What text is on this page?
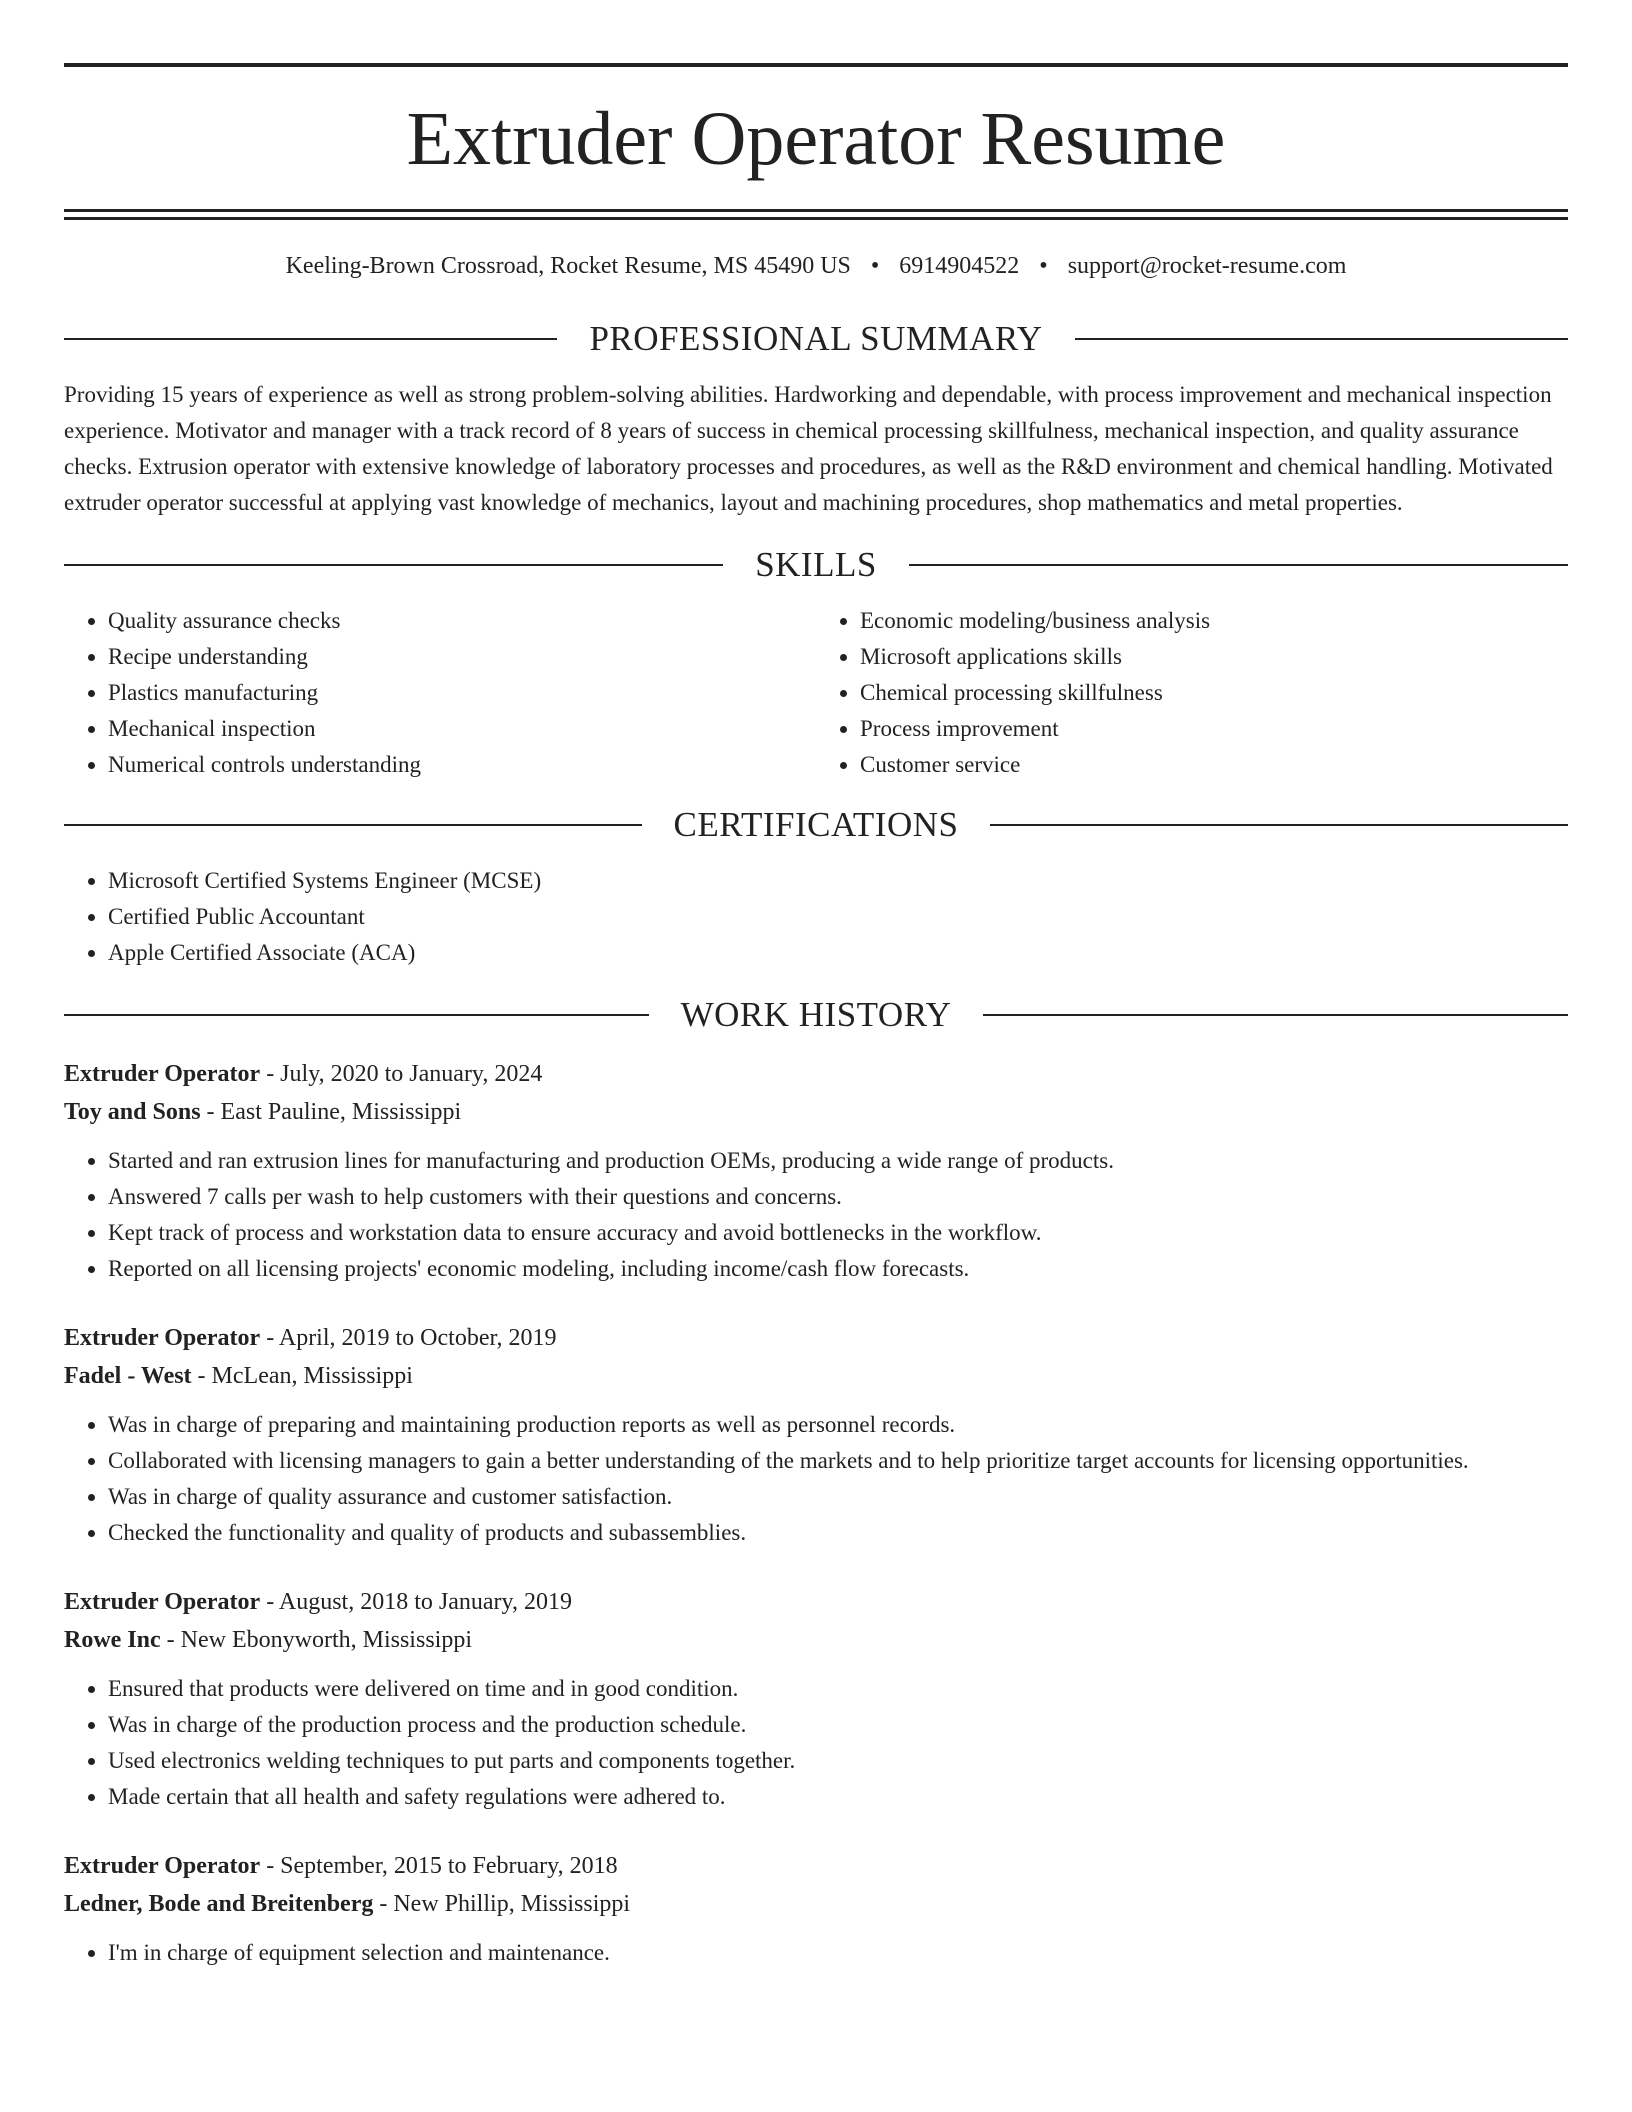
Extruder Operator Resume
Keeling-Brown Crossroad, Rocket Resume, MS 45490 US • 6914904522 • support@rocket-resume.com
PROFESSIONAL SUMMARY
Providing 15 years of experience as well as strong problem-solving abilities. Hardworking and dependable, with process improvement and mechanical inspection experience. Motivator and manager with a track record of 8 years of success in chemical processing skillfulness, mechanical inspection, and quality assurance checks. Extrusion operator with extensive knowledge of laboratory processes and procedures, as well as the R&D environment and chemical handling. Motivated extruder operator successful at applying vast knowledge of mechanics, layout and machining procedures, shop mathematics and metal properties.
SKILLS
• Quality assurance checks
• Recipe understanding
• Plastics manufacturing
• Mechanical inspection
• Numerical controls understanding
• Economic modeling/business analysis
• Microsoft applications skills
• Chemical processing skillfulness
• Process improvement
• Customer service
CERTIFICATIONS
• Microsoft Certified Systems Engineer (MCSE)
• Certified Public Accountant
• Apple Certified Associate (ACA)
WORK HISTORY
Extruder Operator - July, 2020 to January, 2024
Toy and Sons - East Pauline, Mississippi
• Started and ran extrusion lines for manufacturing and production OEMs, producing a wide range of products.
• Answered 7 calls per wash to help customers with their questions and concerns.
• Kept track of process and workstation data to ensure accuracy and avoid bottlenecks in the workflow.
• Reported on all licensing projects' economic modeling, including income/cash flow forecasts.
Extruder Operator - April, 2019 to October, 2019
Fadel - West - McLean, Mississippi
• Was in charge of preparing and maintaining production reports as well as personnel records.
• Collaborated with licensing managers to gain a better understanding of the markets and to help prioritize target accounts for licensing opportunities.
• Was in charge of quality assurance and customer satisfaction.
• Checked the functionality and quality of products and subassemblies.
Extruder Operator - August, 2018 to January, 2019
Rowe Inc - New Ebonyworth, Mississippi
• Ensured that products were delivered on time and in good condition.
• Was in charge of the production process and the production schedule.
• Used electronics welding techniques to put parts and components together.
• Made certain that all health and safety regulations were adhered to.
Extruder Operator - September, 2015 to February, 2018
Ledner, Bode and Breitenberg - New Phillip, Mississippi
• I'm in charge of equipment selection and maintenance.
